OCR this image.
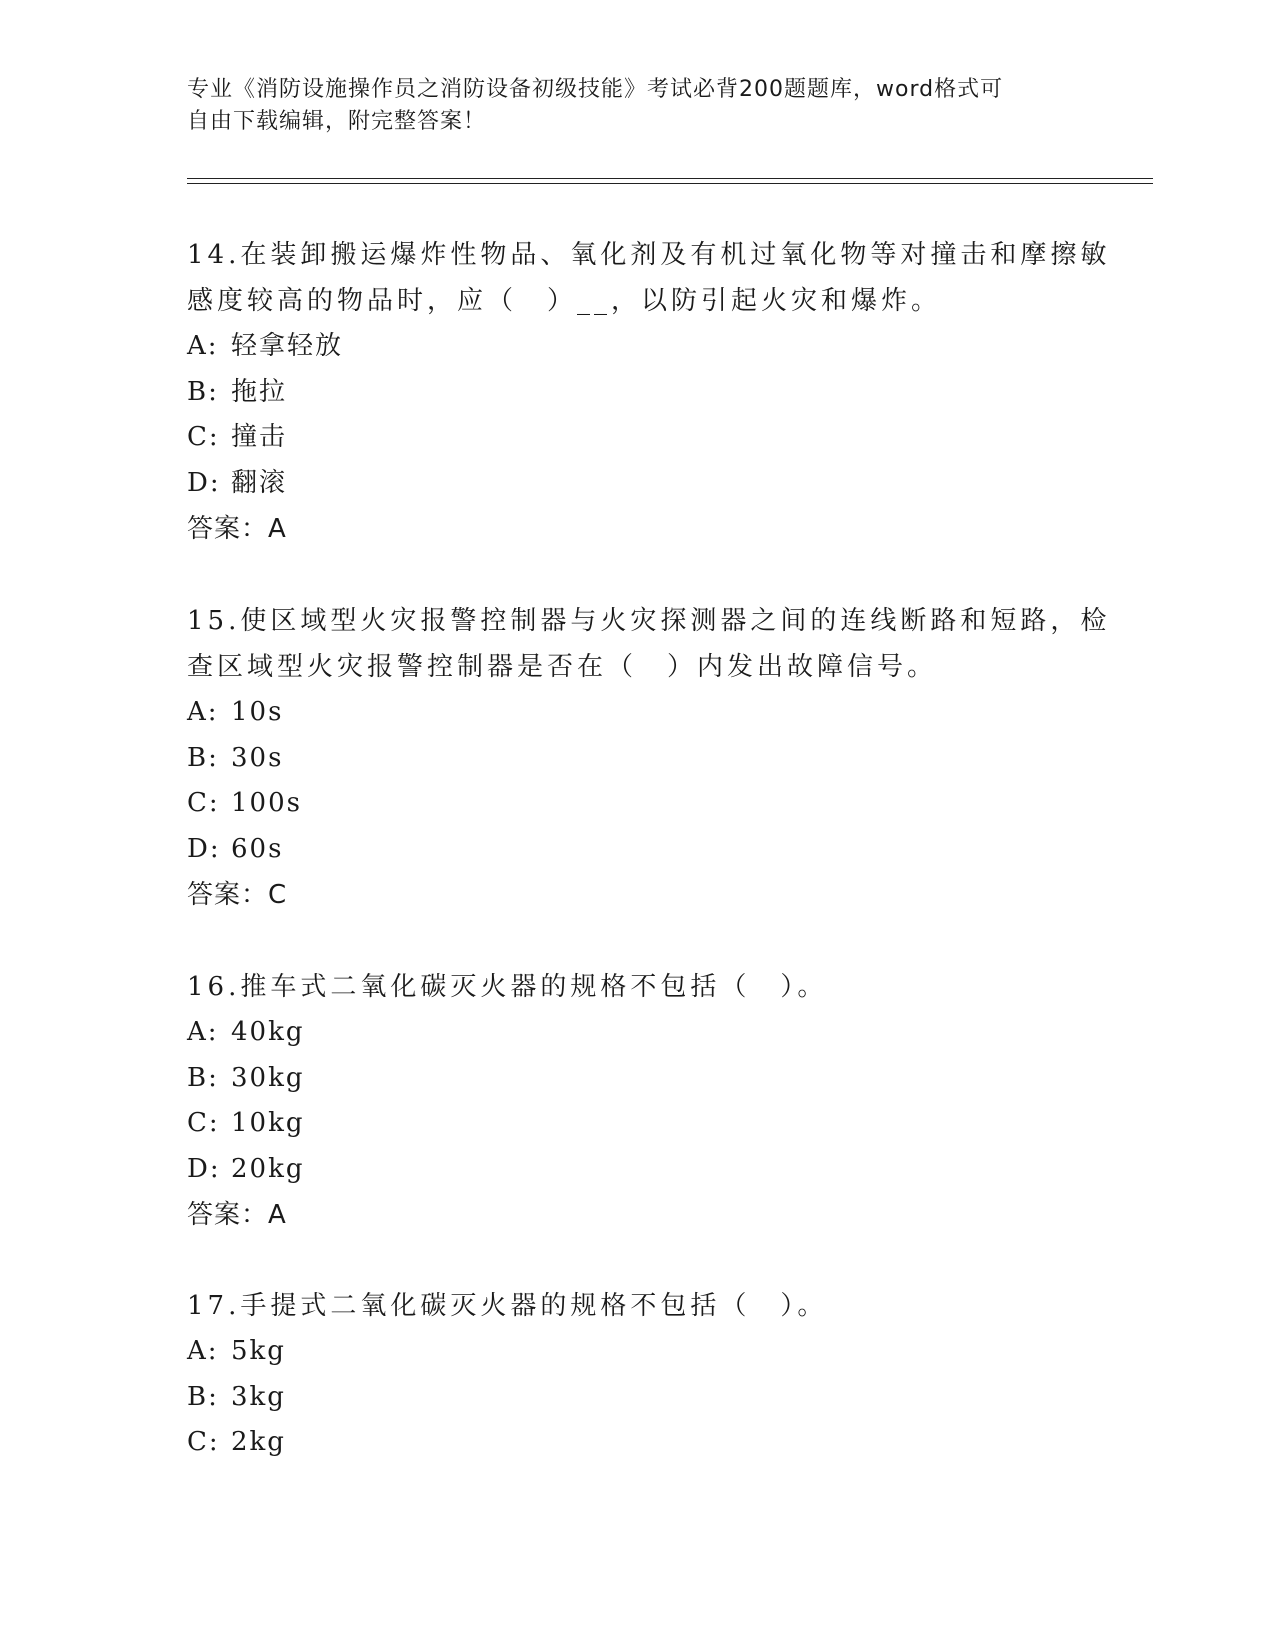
专业《消防设施操作员之消防设备初级技能》考试必背200题题库，word格式可
自由下载编辑，附完整答案！
14.在装卸搬运爆炸性物品、氧化剂及有机过氧化物等对撞击和摩擦敏
感度较高的物品时，应（　）__，以防引起火灾和爆炸。
A: 轻拿轻放
B: 拖拉
C: 撞击
D: 翻滚
答案：A
15.使区域型火灾报警控制器与火灾探测器之间的连线断路和短路，检
查区域型火灾报警控制器是否在（　）内发出故障信号。
A: 10s
B: 30s
C: 100s
D: 60s
答案：C
16.推车式二氧化碳灭火器的规格不包括（　）。
A: 40kg
B: 30kg
C: 10kg
D: 20kg
答案：A
17.手提式二氧化碳灭火器的规格不包括（　）。
A: 5kg
B: 3kg
C: 2kg
